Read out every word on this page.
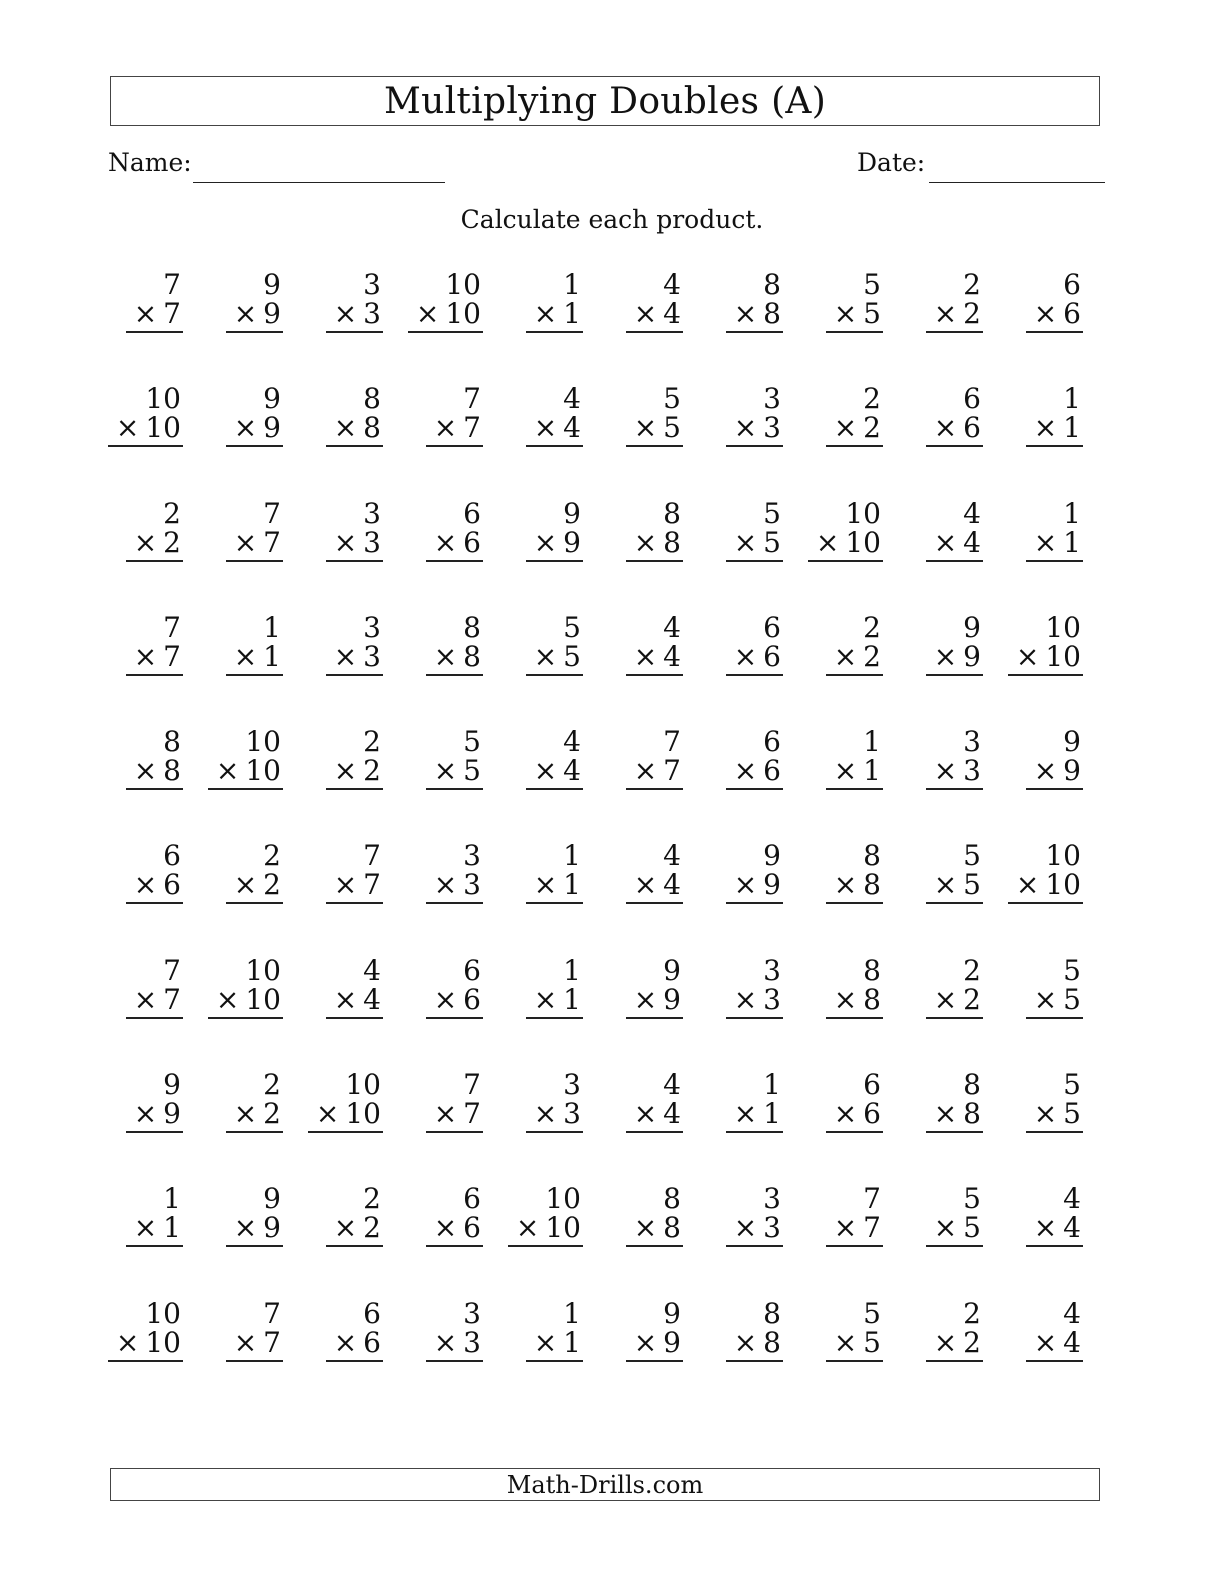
Multiplying Doubles (A)
Name:	Date:
Calculate each product.
7
× 7
9
× 9
3
× 3
10
× 10
1
× 1
4
× 4
8
× 8
5
× 5
2
× 2
6
× 6
10
× 10
9
× 9
8
× 8
7
× 7
4
× 4
5
× 5
3
× 3
2
× 2
6
× 6
1
× 1
2
× 2
7
× 7
3
× 3
6
× 6
9
× 9
8
× 8
5
× 5
10
× 10
4
× 4
1
× 1
7
× 7
1
× 1
3
× 3
8
× 8
5
× 5
4
× 4
6
× 6
2
× 2
9
× 9
10
× 10
8
× 8
10
× 10
2
× 2
5
× 5
4
× 4
7
× 7
6
× 6
1
× 1
3
× 3
9
× 9
6
× 6
2
× 2
7
× 7
3
× 3
1
× 1
4
× 4
9
× 9
8
× 8
5
× 5
10
× 10
7
× 7
10
× 10
4
× 4
6
× 6
1
× 1
9
× 9
3
× 3
8
× 8
2
× 2
5
× 5
9
× 9
2
× 2
10
× 10
7
× 7
3
× 3
4
× 4
1
× 1
6
× 6
8
× 8
5
× 5
1
× 1
9
× 9
2
× 2
6
× 6
10
× 10
8
× 8
3
× 3
7
× 7
5
× 5
4
× 4
10
× 10
7
× 7
6
× 6
3
× 3
1
× 1
9
× 9
8
× 8
5
× 5
2
× 2
4
× 4
Math-Drills.com
